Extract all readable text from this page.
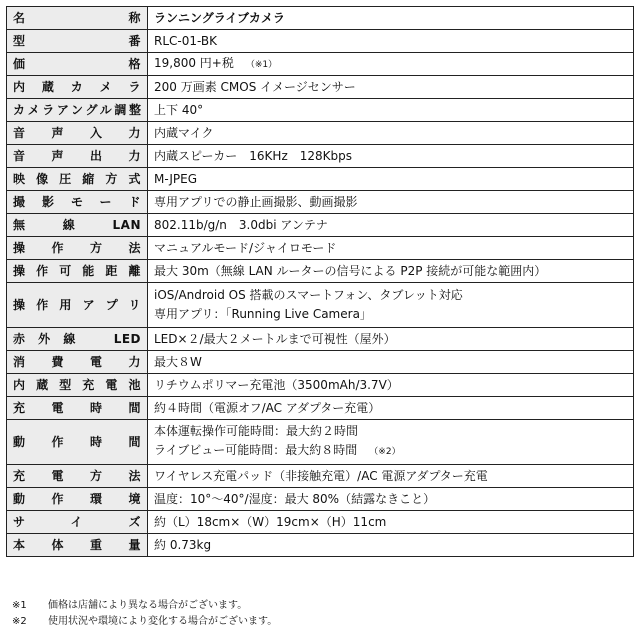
名　　　　称	ランニングライブカメラ
型　　　　番	RLC-01-BK
価　　　　格	19,800 円+税 （※1）
内蔵カメラ	200 万画素 CMOS イメージセンサー
カメラアングル調整	上下 40°
音声入力	内蔵マイク
音声出力	内蔵スピーカー　16KHz　128Kbps
映像圧縮方式	M-JPEG
撮影モード	専用アプリでの静止画撮影、動画撮影
無　　線　　LAN	802.11b/g/n　3.0dbi アンテナ
操作方法	マニュアルモード/ジャイロモード
操作可能距離	最大 30m（無線 LAN ルーターの信号による P2P 接続が可能な範囲内）
操作用アプリ	iOS/Android OS 搭載のスマートフォン、タブレット対応
専用アプリ：「Running Live Camera」

赤外線　LED	LED×２/最大２メートルまで可視性（屋外）
消費電力	最大８W
内蔵型充電池	リチウムポリマー充電池（3500mAh/3.7V）
充電時間	約４時間（電源オフ/AC アダプター充電）
動作時間	本体運転操作可能時間：最大約２時間
ライブビュー可能時間：最大約８時間 （※2）

充電方法	ワイヤレス充電パッド（非接触充電）/AC 電源アダプター充電
動作環境	温度：10°～40°/湿度：最大 80%（結露なきこと）
サイズ	約（L）18cm×（W）19cm×（H）11cm
本体重量	約 0.73kg
※1 価格は店舗により異なる場合がございます。
※2 使用状況や環境により変化する場合がございます。
